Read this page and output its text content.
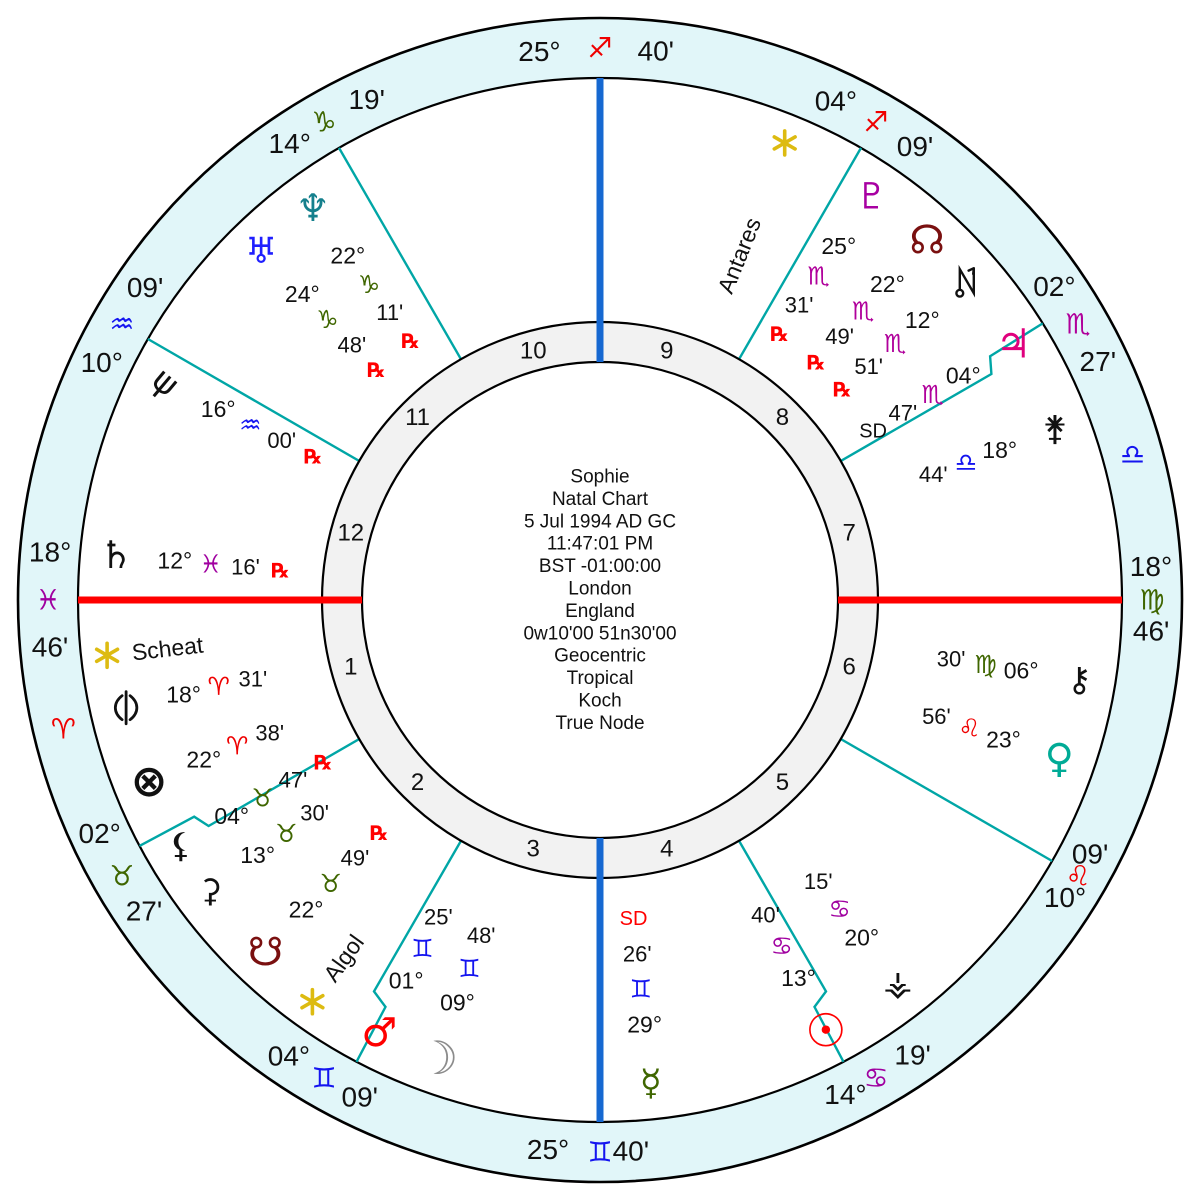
18°
♓
46'
02°
♉
27'
04°
♊
09'
25° ♊ 40'
14°
♋
19'
10°
♌
09'
18°
♍
46'
02°
♏
27'
04°
♐
09'
25° ♐ 40'
14°
♑
19'
10°
♒
09'
♈
♎
1
2
3	4
5
6
7
8
9
10
11
12
☉
13°
♋
40'
☽
09°
♊
48'
☿
29°
♊
26'
SD
♀
23°
♌
56'
♂
01°
♊
25'
♃
04°
♏
47'
SD
♄ 12° ♓ 16' ℞
♅
24°
♑
48'
℞
♆
22°
♑
11'
℞
♇
25°
♏
31'
℞
☊
22°
♏
49'
℞
☋
22°
♉
49'
℞
⚷
06°
♍
30'
⚵
18°
♎
44'
⚶
20°
♋
15'
⚸
04°
♉
47'
℞
⚳
13°
♉
30'
⊗ 22° ♈ 38'
18° ♈ 31'
ψ
16°
♒
00'
℞
12°
♏
51'
℞
Antares
Scheat
Algol
Sophie
Natal Chart
5 Jul 1994 AD GC
11:47:01 PM
BST -01:00:00
London
England
0w10'00 51n30'00
Geocentric
Tropical
Koch
True Node
